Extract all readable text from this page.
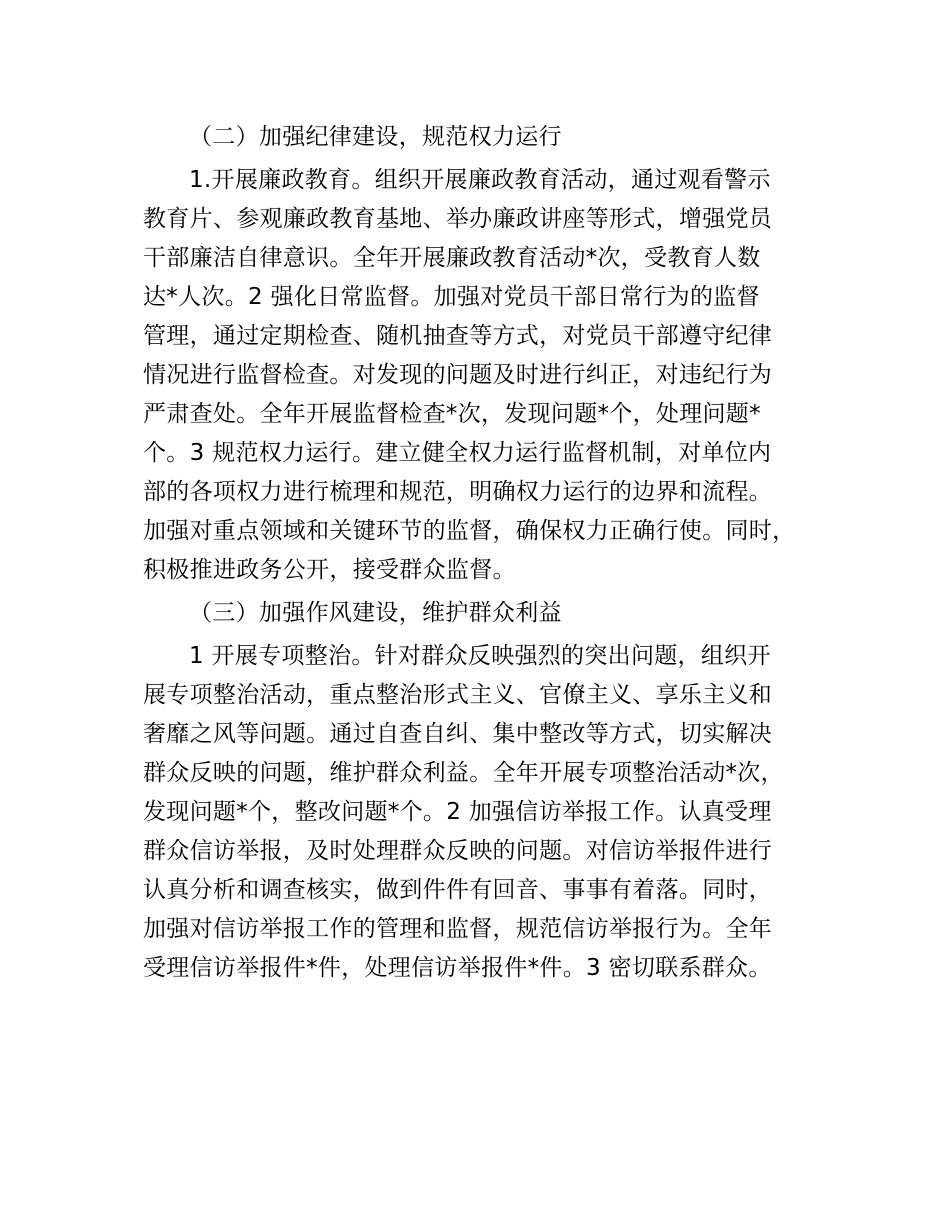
（二）加强纪律建设，规范权力运行
1.开展廉政教育。组织开展廉政教育活动，通过观看警示
教育片、参观廉政教育基地、举办廉政讲座等形式，增强党员
干部廉洁自律意识。全年开展廉政教育活动*次，受教育人数
达*人次。2 强化日常监督。加强对党员干部日常行为的监督
管理，通过定期检查、随机抽查等方式，对党员干部遵守纪律
情况进行监督检查。对发现的问题及时进行纠正，对违纪行为
严肃查处。全年开展监督检查*次，发现问题*个，处理问题*
个。3 规范权力运行。建立健全权力运行监督机制，对单位内
部的各项权力进行梳理和规范，明确权力运行的边界和流程。
加强对重点领域和关键环节的监督，确保权力正确行使。同时，
积极推进政务公开，接受群众监督。
（三）加强作风建设，维护群众利益
1 开展专项整治。针对群众反映强烈的突出问题，组织开
展专项整治活动，重点整治形式主义、官僚主义、享乐主义和
奢靡之风等问题。通过自查自纠、集中整改等方式，切实解决
群众反映的问题，维护群众利益。全年开展专项整治活动*次，
发现问题*个，整改问题*个。2 加强信访举报工作。认真受理
群众信访举报，及时处理群众反映的问题。对信访举报件进行
认真分析和调查核实，做到件件有回音、事事有着落。同时，
加强对信访举报工作的管理和监督，规范信访举报行为。全年
受理信访举报件*件，处理信访举报件*件。3 密切联系群众。
